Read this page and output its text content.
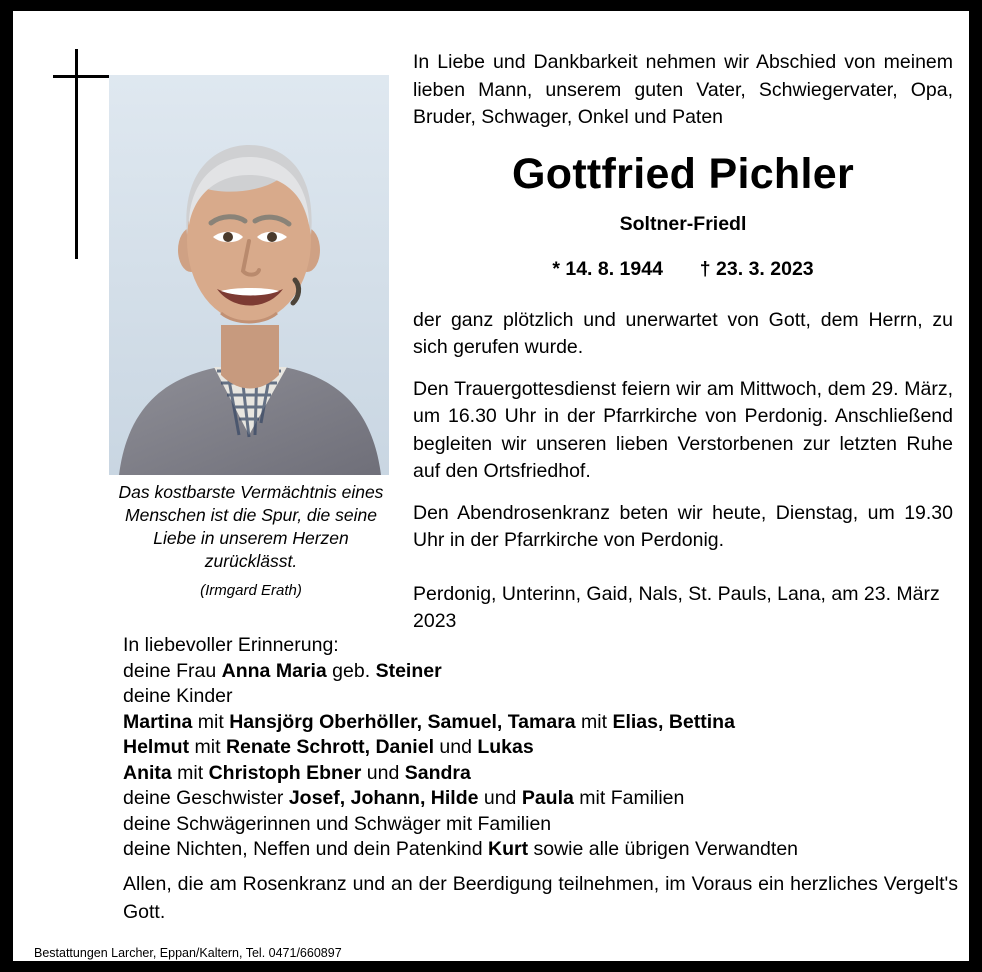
Das kostbarste Vermächtnis eines Menschen ist die Spur, die seine Liebe in unserem Herzen zurücklässt.
(Irmgard Erath)
In Liebe und Dankbarkeit nehmen wir Abschied von meinem lieben Mann, unserem guten Vater, Schwiegervater, Opa, Bruder, Schwager, Onkel und Paten
Gottfried Pichler
Soltner-Friedl
* 14. 8. 1944 † 23. 3. 2023
der ganz plötzlich und unerwartet von Gott, dem Herrn, zu sich gerufen wurde.
Den Trauergottesdienst feiern wir am Mittwoch, dem 29. März, um 16.30 Uhr in der Pfarrkirche von Perdonig. Anschließend begleiten wir unseren lieben Verstorbenen zur letzten Ruhe auf den Ortsfriedhof.
Den Abendrosenkranz beten wir heute, Dienstag, um 19.30 Uhr in der Pfarrkirche von Perdonig.
Perdonig, Unterinn, Gaid, Nals, St. Pauls, Lana, am 23. März 2023
In liebevoller Erinnerung:
deine Frau Anna Maria geb. Steiner
deine Kinder
Martina mit Hansjörg Oberhöller, Samuel, Tamara mit Elias, Bettina
Helmut mit Renate Schrott, Daniel und Lukas
Anita mit Christoph Ebner und Sandra
deine Geschwister Josef, Johann, Hilde und Paula mit Familien
deine Schwägerinnen und Schwäger mit Familien
deine Nichten, Neffen und dein Patenkind Kurt sowie alle übrigen Verwandten
Allen, die am Rosenkranz und an der Beerdigung teilnehmen, im Voraus ein herzliches Vergelt's Gott.
Bestattungen Larcher, Eppan/Kaltern, Tel. 0471/660897
